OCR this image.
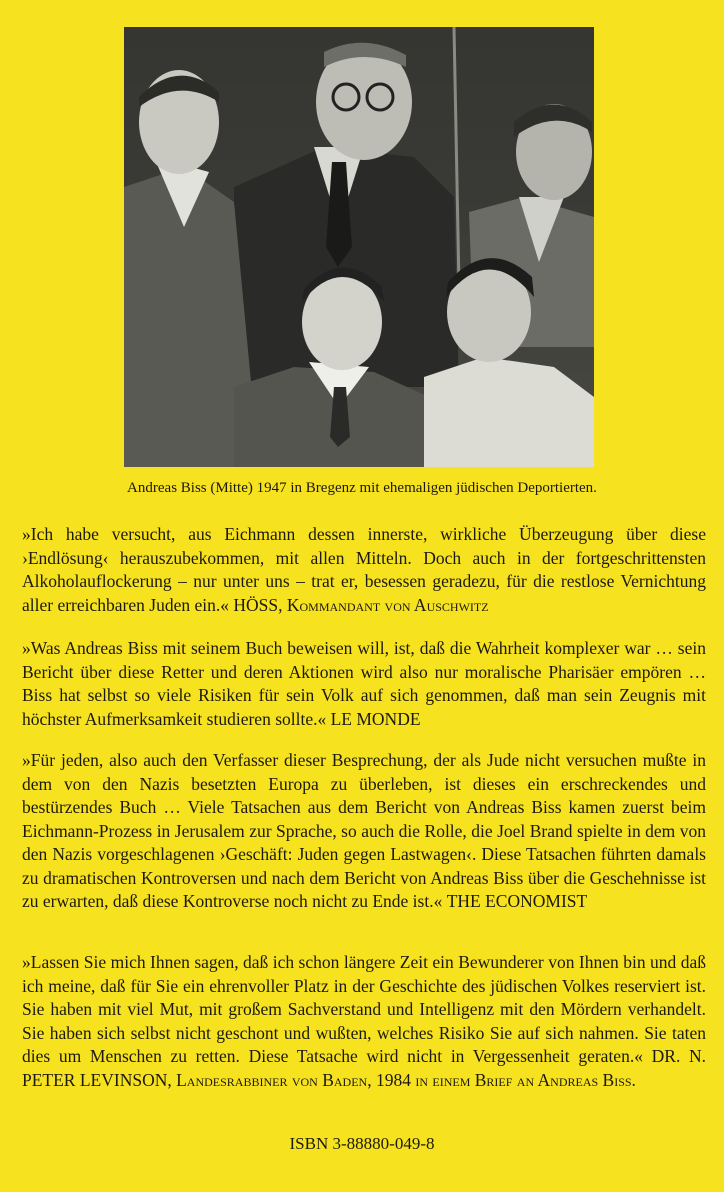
Andreas Biss (Mitte) 1947 in Bregenz mit ehemaligen jüdischen Deportierten.

»Ich habe versucht, aus Eichmann dessen innerste, wirkliche Überzeugung über diese ›Endlösung‹ herauszubekommen, mit allen Mitteln. Doch auch in der fortgeschrittensten Alkoholauflockerung – nur unter uns – trat er, besessen geradezu, für die restlose Vernichtung aller erreichbaren Juden ein.« HÖSS, Kommandant von Auschwitz

»Was Andreas Biss mit seinem Buch beweisen will, ist, daß die Wahrheit komplexer war … sein Bericht über diese Retter und deren Aktionen wird also nur moralische Pharisäer empören … Biss hat selbst so viele Risiken für sein Volk auf sich genommen, daß man sein Zeugnis mit höchster Aufmerksamkeit studieren sollte.« LE MONDE

»Für jeden, also auch den Verfasser dieser Besprechung, der als Jude nicht versuchen mußte in dem von den Nazis besetzten Europa zu überleben, ist dieses ein erschreckendes und bestürzendes Buch … Viele Tatsachen aus dem Bericht von Andreas Biss kamen zuerst beim Eichmann-Prozess in Jerusalem zur Sprache, so auch die Rolle, die Joel Brand spielte in dem von den Nazis vorgeschlagenen ›Geschäft: Juden gegen Lastwagen‹. Diese Tatsachen führten damals zu dramatischen Kontroversen und nach dem Bericht von Andreas Biss über die Geschehnisse ist zu erwarten, daß diese Kontroverse noch nicht zu Ende ist.« THE ECONOMIST

»Lassen Sie mich Ihnen sagen, daß ich schon längere Zeit ein Bewunderer von Ihnen bin und daß ich meine, daß für Sie ein ehrenvoller Platz in der Geschichte des jüdischen Volkes reserviert ist. Sie haben mit viel Mut, mit großem Sachverstand und Intelligenz mit den Mördern verhandelt. Sie haben sich selbst nicht geschont und wußten, welches Risiko Sie auf sich nahmen. Sie taten dies um Menschen zu retten. Diese Tatsache wird nicht in Vergessenheit geraten.« DR. N. PETER LEVINSON, Landesrabbiner von Baden, 1984 in einem Brief an Andreas Biss.

ISBN 3-88880-049-8
